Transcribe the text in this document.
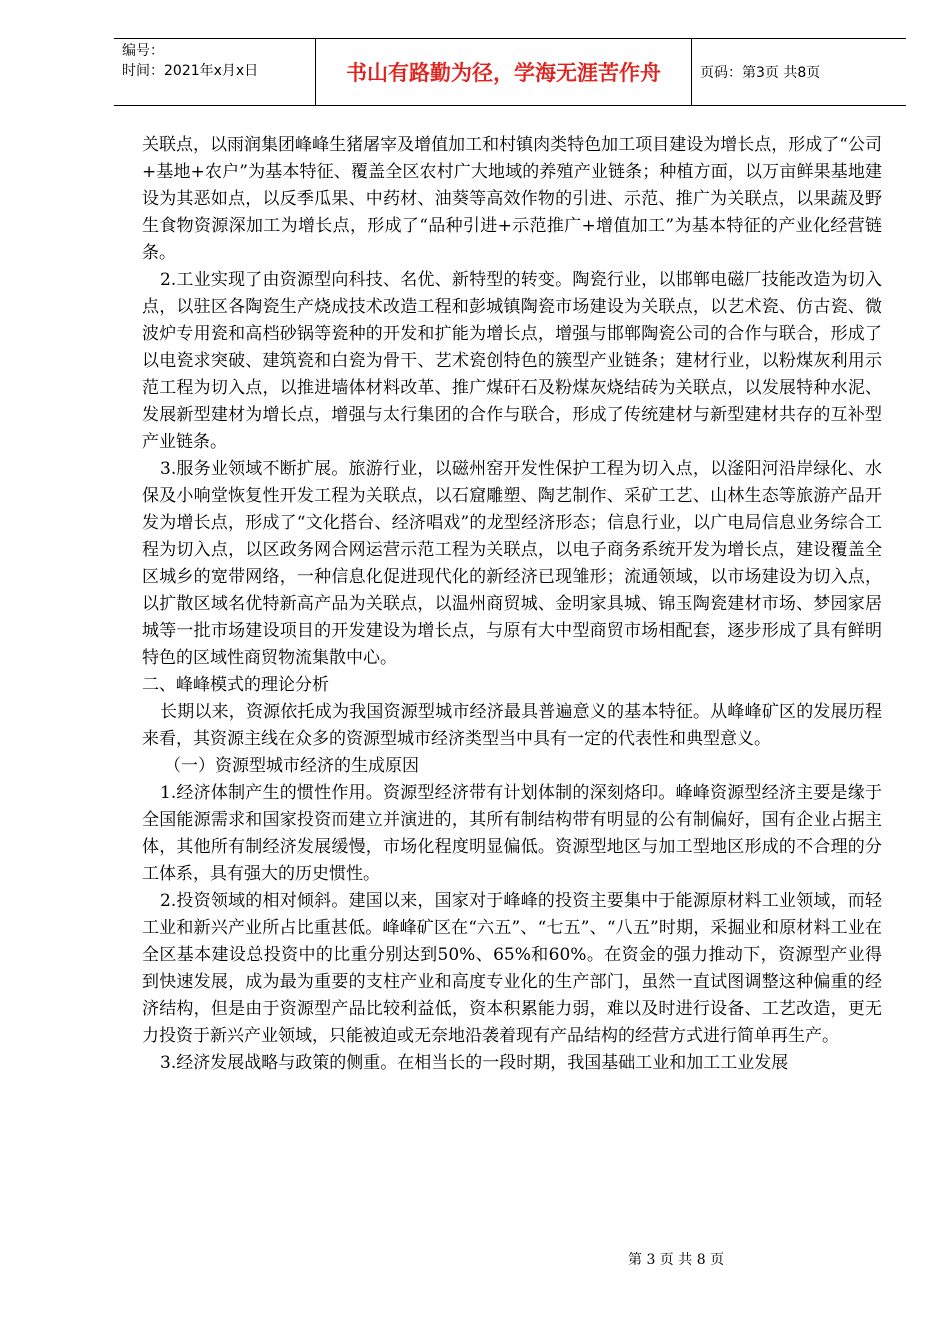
编号：
时间：2021年x月x日	书山有路勤为径，学海无涯苦作舟	页码：第3页 共8页

关联点，以雨润集团峰峰生猪屠宰及增值加工和村镇肉类特色加工项目建设为增长点，形成了“公司+基地+农户”为基本特征、覆盖全区农村广大地域的养殖产业链条；种植方面，以万亩鲜果基地建设为其恶如点，以反季瓜果、中药材、油葵等高效作物的引进、示范、推广为关联点，以果蔬及野生食物资源深加工为增长点，形成了“品种引进+示范推广+增值加工”为基本特征的产业化经营链条。

2.工业实现了由资源型向科技、名优、新特型的转变。陶瓷行业，以邯郸电磁厂技能改造为切入点，以驻区各陶瓷生产烧成技术改造工程和彭城镇陶瓷市场建设为关联点，以艺术瓷、仿古瓷、微波炉专用瓷和高档砂锅等瓷种的开发和扩能为增长点，增强与邯郸陶瓷公司的合作与联合，形成了以电瓷求突破、建筑瓷和白瓷为骨干、艺术瓷创特色的簇型产业链条；建材行业，以粉煤灰利用示范工程为切入点，以推进墙体材料改革、推广煤矸石及粉煤灰烧结砖为关联点，以发展特种水泥、发展新型建材为增长点，增强与太行集团的合作与联合，形成了传统建材与新型建材共存的互补型产业链条。

3.服务业领域不断扩展。旅游行业，以磁州窑开发性保护工程为切入点，以滏阳河沿岸绿化、水保及小响堂恢复性开发工程为关联点，以石窟雕塑、陶艺制作、采矿工艺、山林生态等旅游产品开发为增长点，形成了“文化搭台、经济唱戏”的龙型经济形态；信息行业，以广电局信息业务综合工程为切入点，以区政务网合网运营示范工程为关联点，以电子商务系统开发为增长点，建设覆盖全区城乡的宽带网络，一种信息化促进现代化的新经济已现雏形；流通领域，以市场建设为切入点，以扩散区域名优特新高产品为关联点，以温州商贸城、金明家具城、锦玉陶瓷建材市场、梦园家居城等一批市场建设项目的开发建设为增长点，与原有大中型商贸市场相配套，逐步形成了具有鲜明特色的区域性商贸物流集散中心。

二、峰峰模式的理论分析

长期以来，资源依托成为我国资源型城市经济最具普遍意义的基本特征。从峰峰矿区的发展历程来看，其资源主线在众多的资源型城市经济类型当中具有一定的代表性和典型意义。

（一）资源型城市经济的生成原因

1.经济体制产生的惯性作用。资源型经济带有计划体制的深刻烙印。峰峰资源型经济主要是缘于全国能源需求和国家投资而建立并演进的，其所有制结构带有明显的公有制偏好，国有企业占据主体，其他所有制经济发展缓慢，市场化程度明显偏低。资源型地区与加工型地区形成的不合理的分工体系，具有强大的历史惯性。

2.投资领域的相对倾斜。建国以来，国家对于峰峰的投资主要集中于能源原材料工业领域，而轻工业和新兴产业所占比重甚低。峰峰矿区在“六五”、“七五”、“八五”时期，采掘业和原材料工业在全区基本建设总投资中的比重分别达到50%、65%和60%。在资金的强力推动下，资源型产业得到快速发展，成为最为重要的支柱产业和高度专业化的生产部门，虽然一直试图调整这种偏重的经济结构，但是由于资源型产品比较利益低，资本积累能力弱，难以及时进行设备、工艺改造，更无力投资于新兴产业领域，只能被迫或无奈地沿袭着现有产品结构的经营方式进行简单再生产。

3.经济发展战略与政策的侧重。在相当长的一段时期，我国基础工业和加工工业发展

第 3 页 共 8 页
